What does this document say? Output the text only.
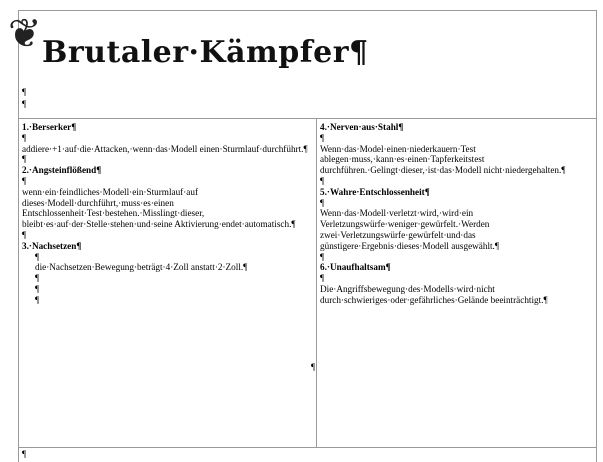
❦ Brutaler·Kämpfer¶
¶
¶

1.·Berserker¶

¶

addiere·+1·auf·die·Attacken,·wenn·das·Modell einen·Sturmlauf·durchführt.¶

¶

2.·Angsteinflößend¶

¶

wenn·ein·feindliches·Modell·ein·Sturmlauf·auf dieses·Modell·durchführt,·muss·es·einen Entschlossenheit·Test·bestehen.·Misslingt·dieser, bleibt·es·auf·der·Stelle·stehen·und·seine Aktivierung·endet·automatisch.¶

¶

3.·Nachsetzen¶

¶

die·Nachsetzen·Bewegung·beträgt·4·Zoll anstatt·2·Zoll.¶

¶

¶

¶

4.·Nerven·aus·Stahl¶

¶

Wenn·das·Model·einen·niederkauern·Test ablegen·muss,·kann·es·einen·Tapferkeitstest durchführen.·Gelingt·dieser,·ist·das·Modell nicht·niedergehalten.¶

¶

5.·Wahre·Entschlossenheit¶

¶

Wenn·das·Modell·verletzt·wird,·wird·ein Verletzungswürfe·weniger·gewürfelt.·Werden zwei·Verletzungswürfe·gewürfelt·und·das günstigere·Ergebnis·dieses·Modell ausgewählt.¶

¶

6.·Unaufhaltsam¶

¶

Die·Angriffsbewegung·des·Modells·wird·nicht durch·schwieriges·oder·gefährliches·Gelände beeinträchtigt.¶

¶
¶
